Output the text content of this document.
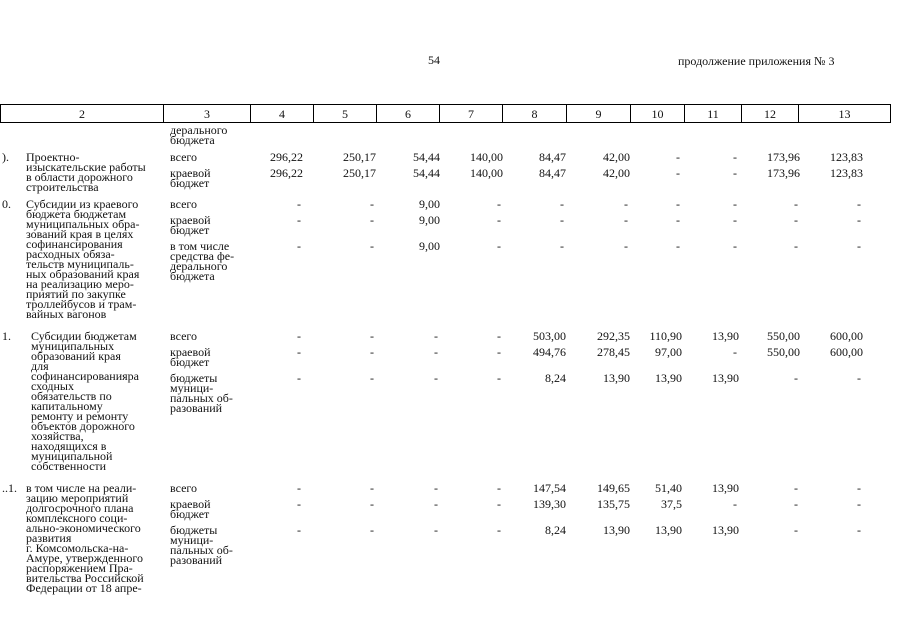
54	продолжение приложения № 3
2	3	4	5	6	7	8	9	10	11	12	13
дерального
бюджета
). Проектно-
изыскательские работы
в области дорожного
строительства
всего	296,22	250,17	54,44	140,00	84,47	42,00	-	-	173,96	123,83
краевой
бюджет
296,22	250,17	54,44	140,00	84,47	42,00	-	-	173,96	123,83
0. Субсидии из краевого
бюджета бюджетам
муниципальных обра-
зований края в целях
софинансирования
расходных обяза-
тельств муниципаль-
ных образований края
на реализацию меро-
приятий по закупке
троллейбусов и трам-
вайных вагонов
всего	-	-	9,00	-	-	-	-	-	-	-
краевой
бюджет
-	-	9,00	-	-	-	-	-	-	-
в том числе
средства фе-
дерального
бюджета
-	-	9,00	-	-	-	-	-	-	-
1. Субсидии бюджетам
муниципальных
образований края
для
софинансированияра
сходных
обязательств по
капитальному
ремонту и ремонту
объектов дорожного
хозяйства,
находящихся в
муниципальной
собственности
всего	-	-	-	-	503,00	292,35	110,90	13,90	550,00	600,00
краевой
бюджет
-	-	-	-	494,76	278,45	97,00	-	550,00	600,00
бюджеты
муници-
пальных об-
разований
-	-	-	-	8,24	13,90	13,90	13,90	-	-
..1. в том числе на реали-
зацию мероприятий
долгосрочного плана
комплексного соци-
ально-экономического
развития
г. Комсомольска-на-
Амуре, утвержденного
распоряжением Пра-
вительства Российской
Федерации от 18 апре-
всего	-	-	-	-	147,54	149,65	51,40	13,90	-	-
краевой
бюджет
-	-	-	-	139,30	135,75	37,5	-	-	-
бюджеты
муници-
пальных об-
разований
-	-	-	-	8,24	13,90	13,90	13,90	-	-
